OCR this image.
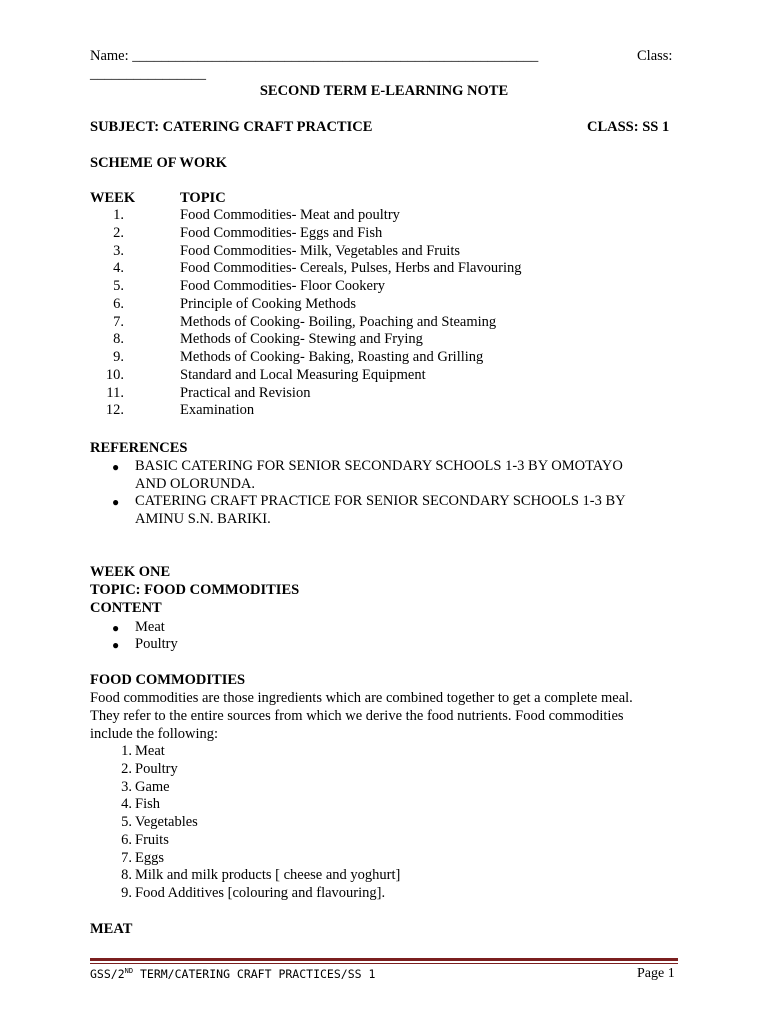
Name: ________________________________________________________	Class:
________________
SECOND TERM E-LEARNING NOTE
SUBJECT: CATERING CRAFT PRACTICE	CLASS: SS 1
SCHEME OF WORK
WEEK	TOPIC
1.	Food Commodities- Meat and poultry
2.	Food Commodities- Eggs and Fish
3.	Food Commodities- Milk, Vegetables and Fruits
4.	Food Commodities- Cereals, Pulses, Herbs and Flavouring
5.	Food Commodities- Floor Cookery
6.	Principle of Cooking Methods
7.	Methods of Cooking- Boiling, Poaching and Steaming
8.	Methods of Cooking- Stewing and Frying
9.	Methods of Cooking- Baking, Roasting and Grilling
10.	Standard and Local Measuring Equipment
11.	Practical and Revision
12.	Examination
REFERENCES
● BASIC CATERING FOR SENIOR SECONDARY SCHOOLS 1-3 BY OMOTAYO
AND OLORUNDA.
● CATERING CRAFT PRACTICE FOR SENIOR SECONDARY SCHOOLS 1-3 BY
AMINU S.N. BARIKI.
WEEK ONE
TOPIC: FOOD COMMODITIES
CONTENT
● Meat
● Poultry
FOOD COMMODITIES
Food commodities are those ingredients which are combined together to get a complete meal.
They refer to the entire sources from which we derive the food nutrients. Food commodities
include the following:
1. Meat
2. Poultry
3. Game
4. Fish
5. Vegetables
6. Fruits
7. Eggs
8. Milk and milk products [ cheese and yoghurt]
9. Food Additives [colouring and flavouring].
MEAT
GSS/2ND TERM/CATERING CRAFT PRACTICES/SS 1	Page 1
